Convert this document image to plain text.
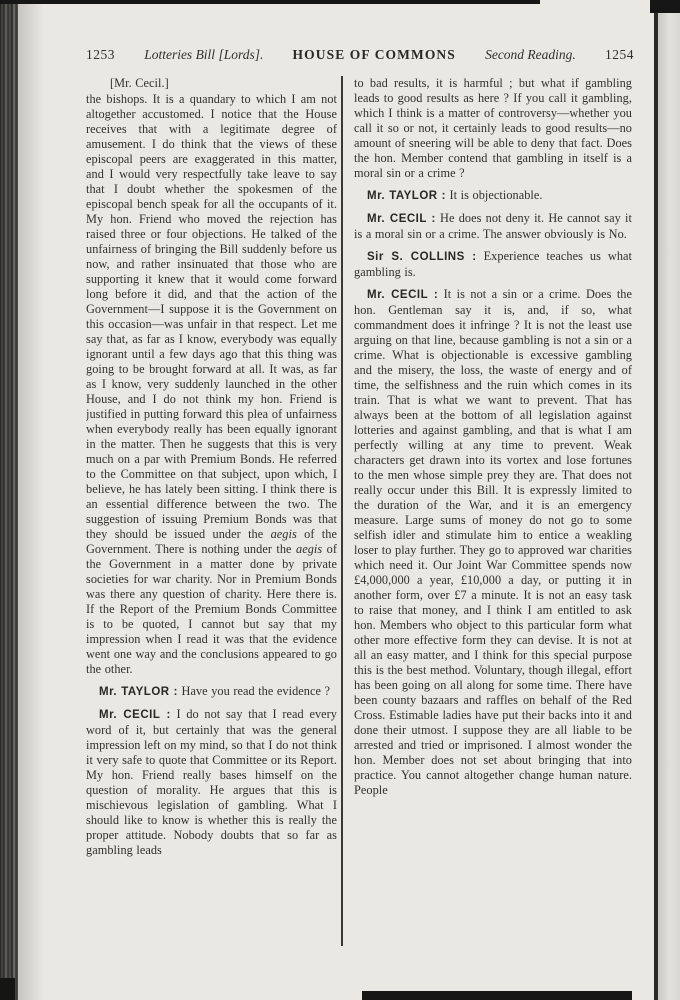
1253 Lotteries Bill [Lords]. HOUSE OF COMMONS Second Reading. 1254

[Mr. Cecil.]

the bishops. It is a quandary to which I am not altogether accustomed. I notice that the House receives that with a legitimate degree of amusement. I do think that the views of these episcopal peers are exaggerated in this matter, and I would very respectfully take leave to say that I doubt whether the spokesmen of the episcopal bench speak for all the occupants of it. My hon. Friend who moved the rejection has raised three or four objections. He talked of the unfairness of bringing the Bill suddenly before us now, and rather insinuated that those who are supporting it knew that it would come forward long before it did, and that the action of the Government—I suppose it is the Government on this occasion—was unfair in that respect. Let me say that, as far as I know, everybody was equally ignorant until a few days ago that this thing was going to be brought forward at all. It was, as far as I know, very suddenly launched in the other House, and I do not think my hon. Friend is justified in putting forward this plea of unfairness when everybody really has been equally ignorant in the matter. Then he suggests that this is very much on a par with Premium Bonds. He referred to the Committee on that subject, upon which, I believe, he has lately been sitting. I think there is an essential difference between the two. The suggestion of issuing Premium Bonds was that they should be issued under the aegis of the Government. There is nothing under the aegis of the Government in a matter done by private societies for war charity. Nor in Premium Bonds was there any question of charity. Here there is. If the Report of the Premium Bonds Committee is to be quoted, I cannot but say that my impression when I read it was that the evidence went one way and the conclusions appeared to go the other.

Mr. TAYLOR : Have you read the evidence ?

Mr. CECIL : I do not say that I read every word of it, but certainly that was the general impression left on my mind, so that I do not think it very safe to quote that Committee or its Report. My hon. Friend really bases himself on the question of morality. He argues that this is mischievous legislation of gambling. What I should like to know is whether this is really the proper attitude. Nobody doubts that so far as gambling leads

to bad results, it is harmful ; but what if gambling leads to good results as here ? If you call it gambling, which I think is a matter of controversy—whether you call it so or not, it certainly leads to good results—no amount of sneering will be able to deny that fact. Does the hon. Member contend that gambling in itself is a moral sin or a crime ?

Mr. TAYLOR : It is objectionable.

Mr. CECIL : He does not deny it. He cannot say it is a moral sin or a crime. The answer obviously is No.

Sir S. COLLINS : Experience teaches us what gambling is.

Mr. CECIL : It is not a sin or a crime. Does the hon. Gentleman say it is, and, if so, what commandment does it infringe ? It is not the least use arguing on that line, because gambling is not a sin or a crime. What is objectionable is excessive gambling and the misery, the loss, the waste of energy and of time, the selfishness and the ruin which comes in its train. That is what we want to prevent. That has always been at the bottom of all legislation against lotteries and against gambling, and that is what I am perfectly willing at any time to prevent. Weak characters get drawn into its vortex and lose fortunes to the men whose simple prey they are. That does not really occur under this Bill. It is expressly limited to the duration of the War, and it is an emergency measure. Large sums of money do not go to some selfish idler and stimulate him to entice a weakling loser to play further. They go to approved war charities which need it. Our Joint War Committee spends now £4,000,000 a year, £10,000 a day, or putting it in another form, over £7 a minute. It is not an easy task to raise that money, and I think I am entitled to ask hon. Members who object to this particular form what other more effective form they can devise. It is not at all an easy matter, and I think for this special purpose this is the best method. Voluntary, though illegal, effort has been going on all along for some time. There have been county bazaars and raffles on behalf of the Red Cross. Estimable ladies have put their backs into it and done their utmost. I suppose they are all liable to be arrested and tried or imprisoned. I almost wonder the hon. Member does not set about bringing that into practice. You cannot altogether change human nature. People
